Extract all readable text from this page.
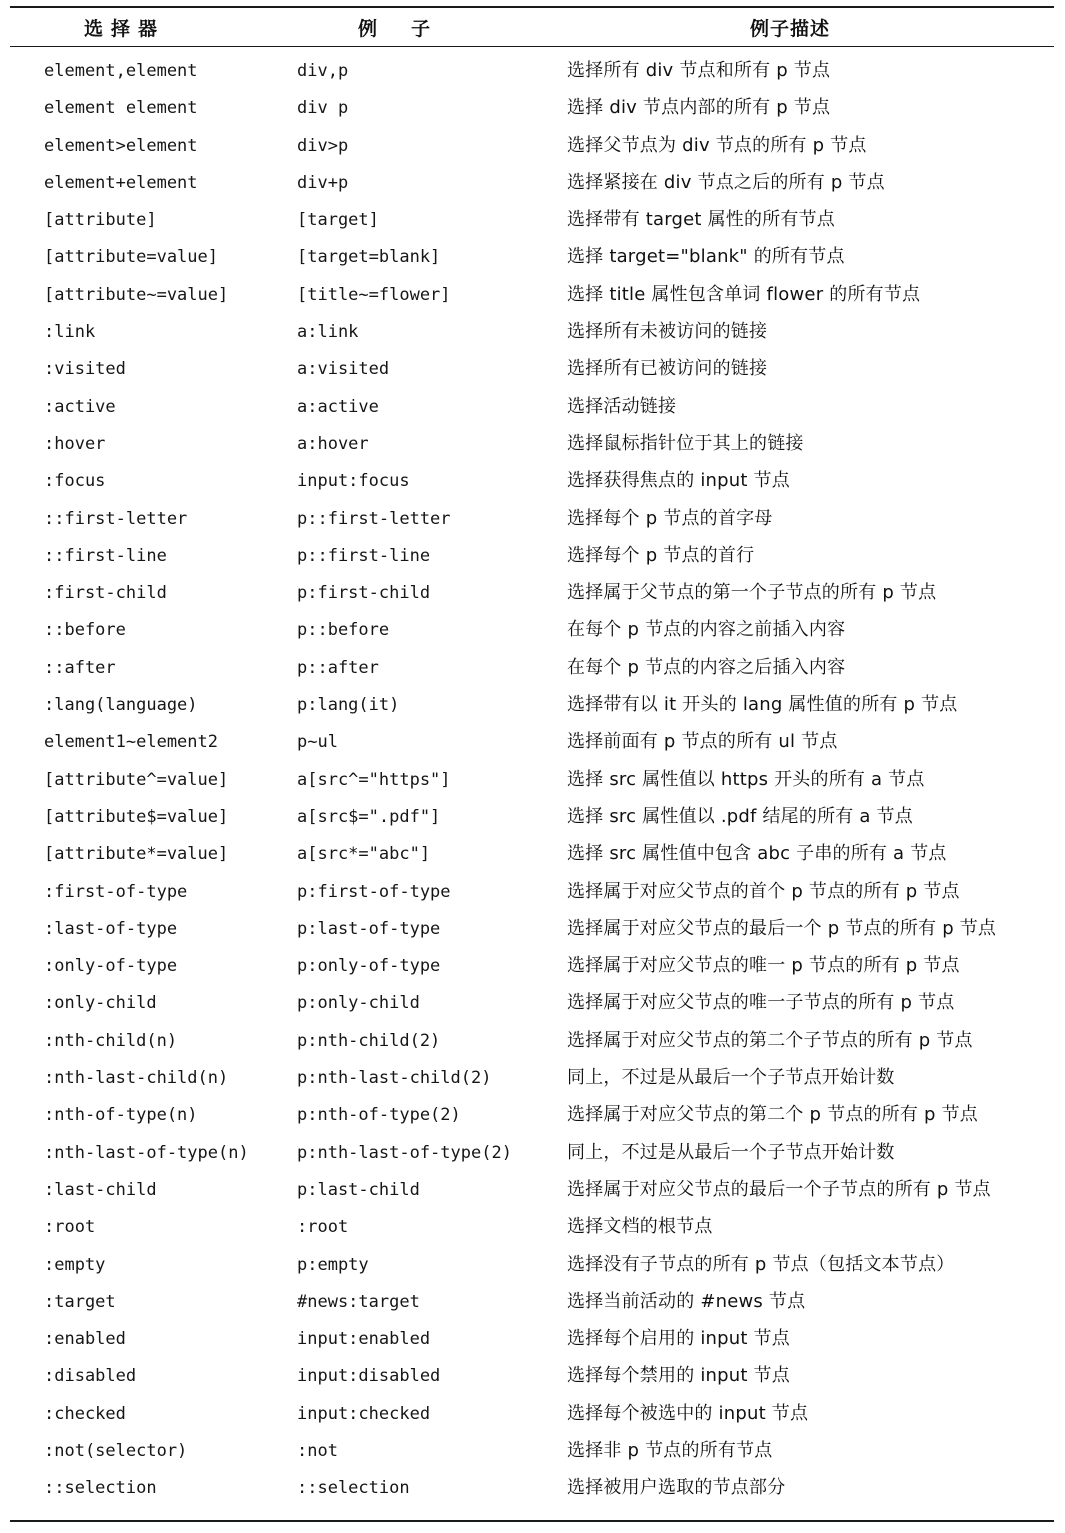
选择器	例子	例子描述
element,element	div,p	选择所有 div 节点和所有 p 节点
element element	div p	选择 div 节点内部的所有 p 节点
element>element	div>p	选择父节点为 div 节点的所有 p 节点
element+element	div+p	选择紧接在 div 节点之后的所有 p 节点
[attribute]	[target]	选择带有 target 属性的所有节点
[attribute=value]	[target=blank]	选择 target="blank" 的所有节点
[attribute~=value]	[title~=flower]	选择 title 属性包含单词 flower 的所有节点
:link	a:link	选择所有未被访问的链接
:visited	a:visited	选择所有已被访问的链接
:active	a:active	选择活动链接
:hover	a:hover	选择鼠标指针位于其上的链接
:focus	input:focus	选择获得焦点的 input 节点
::first-letter	p::first-letter	选择每个 p 节点的首字母
::first-line	p::first-line	选择每个 p 节点的首行
:first-child	p:first-child	选择属于父节点的第一个子节点的所有 p 节点
::before	p::before	在每个 p 节点的内容之前插入内容
::after	p::after	在每个 p 节点的内容之后插入内容
:lang(language)	p:lang(it)	选择带有以 it 开头的 lang 属性值的所有 p 节点
element1~element2	p~ul	选择前面有 p 节点的所有 ul 节点
[attribute^=value]	a[src^="https"]	选择 src 属性值以 https 开头的所有 a 节点
[attribute$=value]	a[src$=".pdf"]	选择 src 属性值以 .pdf 结尾的所有 a 节点
[attribute*=value]	a[src*="abc"]	选择 src 属性值中包含 abc 子串的所有 a 节点
:first-of-type	p:first-of-type	选择属于对应父节点的首个 p 节点的所有 p 节点
:last-of-type	p:last-of-type	选择属于对应父节点的最后一个 p 节点的所有 p 节点
:only-of-type	p:only-of-type	选择属于对应父节点的唯一 p 节点的所有 p 节点
:only-child	p:only-child	选择属于对应父节点的唯一子节点的所有 p 节点
:nth-child(n)	p:nth-child(2)	选择属于对应父节点的第二个子节点的所有 p 节点
:nth-last-child(n)	p:nth-last-child(2)	同上，不过是从最后一个子节点开始计数
:nth-of-type(n)	p:nth-of-type(2)	选择属于对应父节点的第二个 p 节点的所有 p 节点
:nth-last-of-type(n)	p:nth-last-of-type(2)	同上，不过是从最后一个子节点开始计数
:last-child	p:last-child	选择属于对应父节点的最后一个子节点的所有 p 节点
:root	:root	选择文档的根节点
:empty	p:empty	选择没有子节点的所有 p 节点（包括文本节点）
:target	#news:target	选择当前活动的 #news 节点
:enabled	input:enabled	选择每个启用的 input 节点
:disabled	input:disabled	选择每个禁用的 input 节点
:checked	input:checked	选择每个被选中的 input 节点
:not(selector)	:not	选择非 p 节点的所有节点
::selection	::selection	选择被用户选取的节点部分
